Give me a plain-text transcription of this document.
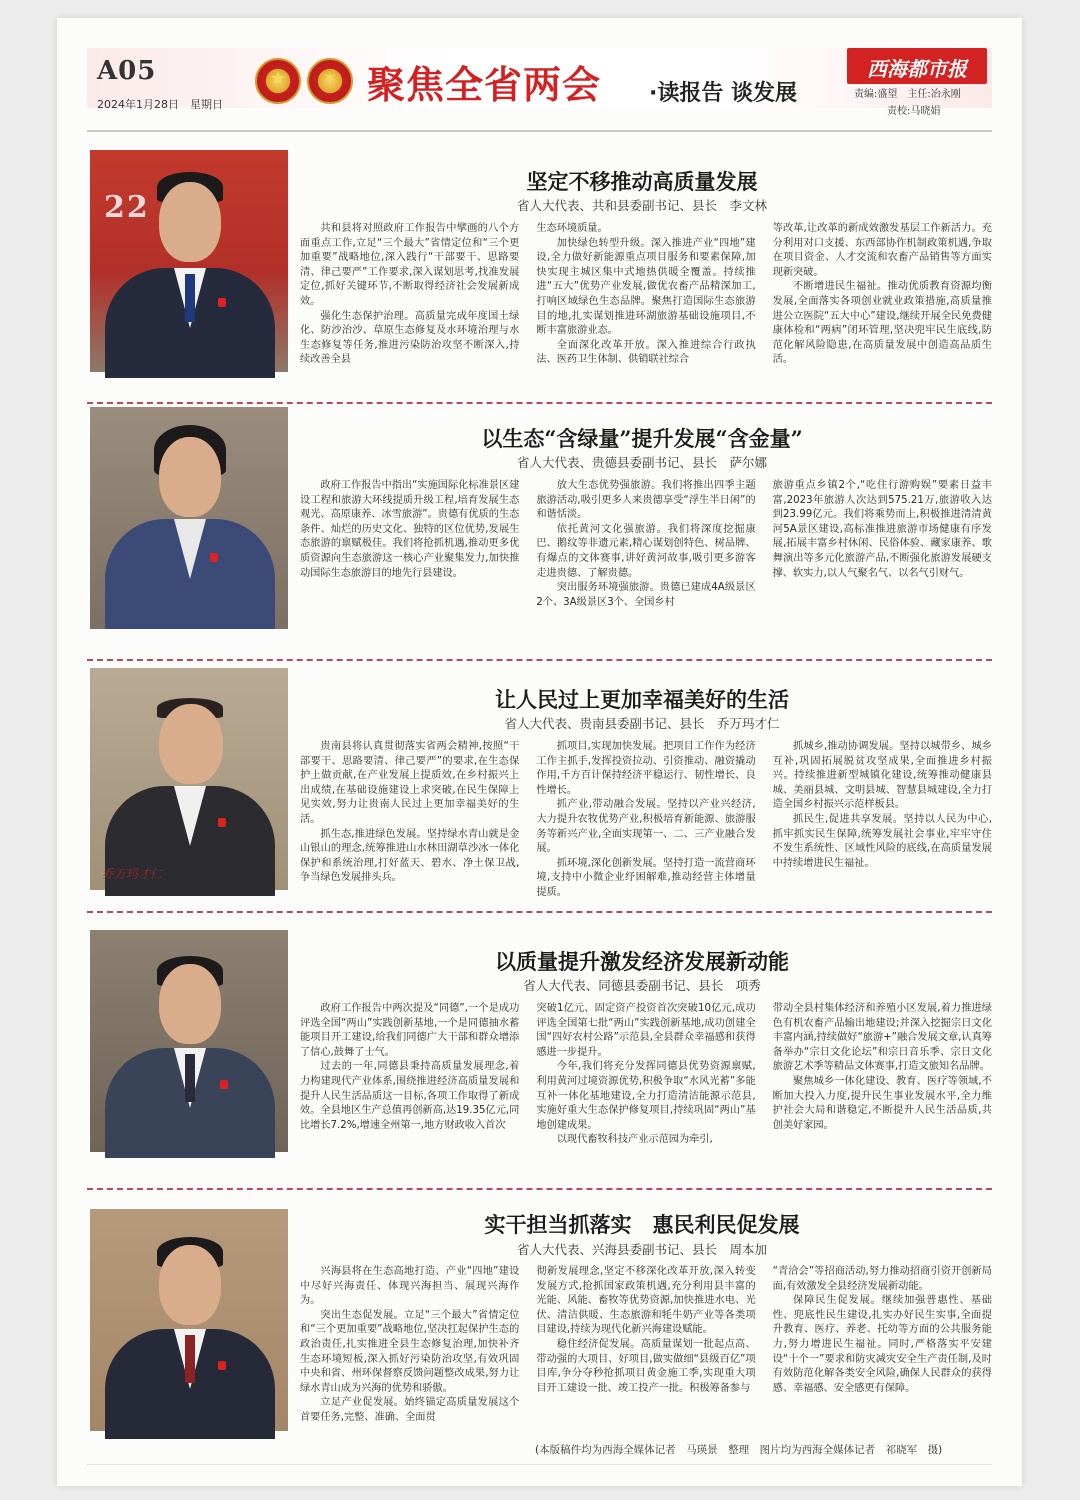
A05
2024年1月28日　星期日
★	✶ 聚焦全省两会 ·读报告 谈发展
西海都市报
责编:盛望　主任:冶永刚
责校:马晓娟
22
坚定不移推动高质量发展
省人大代表、共和县委副书记、县长　李文林

共和县将对照政府工作报告中擘画的八个方面重点工作,立足“三个最大”省情定位和“三个更加重要”战略地位,深入践行“干部要干、思路要清、律己要严”工作要求,深入谋划思考,找准发展定位,抓好关键环节,不断取得经济社会发展新成效。

强化生态保护治理。高质量完成年度国土绿化、防沙治沙、草原生态修复及水环境治理与水生态修复等任务,推进污染防治攻坚不断深入,持续改善全县

生态环境质量。

加快绿色转型升级。深入推进产业“四地”建设,全力做好新能源重点项目服务和要素保障,加快实现主城区集中式地热供暖全覆盖。持续推进“五大”优势产业发展,做优农畜产品精深加工,打响区域绿色生态品牌。聚焦打造国际生态旅游目的地,扎实谋划推进环湖旅游基础设施项目,不断丰富旅游业态。

全面深化改革开放。深入推进综合行政执法、医药卫生体制、供销联社综合

等改革,让改革的新成效激发基层工作新活力。充分利用对口支援、东西部协作机制政策机遇,争取在项目资金、人才交流和农畜产品销售等方面实现新突破。

不断增进民生福祉。推动优质教育资源均衡发展,全面落实各项创业就业政策措施,高质量推进公立医院“五大中心”建设,继续开展全民免费健康体检和“两病”闭环管理,坚决兜牢民生底线,防范化解风险隐患,在高质量发展中创造高品质生活。

以生态“含绿量”提升发展“含金量”
省人大代表、贵德县委副书记、县长　萨尔娜

政府工作报告中指出“实施国际化标准景区建设工程和旅游大环线提质升级工程,培育发展生态观光、高原康养、冰雪旅游”。贵德有优质的生态条件、灿烂的历史文化、独特的区位优势,发展生态旅游的禀赋极佳。我们将抢抓机遇,推动更多优质资源向生态旅游这一核心产业聚集发力,加快推动国际生态旅游目的地先行县建设。

放大生态优势强旅游。我们将推出四季主题旅游活动,吸引更多人来贵德享受“浮生半日闲”的和谐恬淡。

依托黄河文化强旅游。我们将深度挖掘康巴、鹅纹等非遗元素,精心谋划创特色、树品牌、有爆点的文体赛事,讲好黄河故事,吸引更多游客走进贵德、了解贵德。

突出服务环境强旅游。贵德已建成4A级景区2个、3A级景区3个、全国乡村

旅游重点乡镇2个,“吃住行游购娱”要素日益丰富,2023年旅游人次达到575.21万,旅游收入达到23.99亿元。我们将乘势而上,积极推进清清黄河5A景区建设,高标准推进旅游市场健康有序发展,拓展丰富乡村休闲、民俗体验、藏家康养、歌舞演出等多元化旅游产品,不断强化旅游发展硬支撑、软实力,以人气聚名气、以名气引财气。

乔万玛才仁
让人民过上更加幸福美好的生活
省人大代表、贵南县委副书记、县长　乔万玛才仁

贵南县将认真贯彻落实省两会精神,按照“干部要干、思路要清、律己要严”的要求,在生态保护上做贡献,在产业发展上提质效,在乡村振兴上出成绩,在基础设施建设上求突破,在民生保障上见实效,努力让贵南人民过上更加幸福美好的生活。

抓生态,推进绿色发展。坚持绿水青山就是金山银山的理念,统筹推进山水林田湖草沙冰一体化保护和系统治理,打好蓝天、碧水、净土保卫战,争当绿色发展排头兵。

抓项目,实现加快发展。把项目工作作为经济工作主抓手,发挥投资拉动、引资推动、融资撬动作用,千方百计保持经济平稳运行、韧性增长、良性增长。

抓产业,带动融合发展。坚持以产业兴经济,大力提升农牧优势产业,积极培育新能源、旅游服务等新兴产业,全面实现第一、二、三产业融合发展。

抓环境,深化创新发展。坚持打造一流营商环境,支持中小微企业纾困解难,推动经营主体增量提质。

抓城乡,推动协调发展。坚持以城带乡、城乡互补,巩固拓展脱贫攻坚成果,全面推进乡村振兴。持续推进新型城镇化建设,统筹推动健康县城、美丽县城、文明县城、智慧县城建设,全力打造全国乡村振兴示范样板县。

抓民生,促进共享发展。坚持以人民为中心,抓牢抓实民生保障,统筹发展社会事业,牢牢守住不发生系统性、区域性风险的底线,在高质量发展中持续增进民生福祉。

以质量提升激发经济发展新动能
省人大代表、同德县委副书记、县长　项秀

政府工作报告中两次提及“同德”,一个是成功评选全国“两山”实践创新基地,一个是同德抽水蓄能项目开工建设,给我们同德广大干部和群众增添了信心,鼓舞了士气。

过去的一年,同德县秉持高质量发展理念,着力构建现代产业体系,围绕推进经济高质量发展和提升人民生活品质这一目标,各项工作取得了新成效。全县地区生产总值再创新高,达19.35亿元,同比增长7.2%,增速全州第一,地方财政收入首次

突破1亿元、固定资产投资首次突破10亿元,成功评选全国第七批“两山”实践创新基地,成功创建全国“四好农村公路”示范县,全县群众幸福感和获得感进一步提升。

今年,我们将充分发挥同德县优势资源禀赋,利用黄河过境资源优势,积极争取“水风光蓄”多能互补一体化基地建设,全力打造清洁能源示范县,实施好重大生态保护修复项目,持续巩固“两山”基地创建成果。

以现代畜牧科技产业示范园为牵引,

带动全县村集体经济和养殖小区发展,着力推进绿色有机农畜产品输出地建设;并深入挖掘宗日文化丰富内涵,持续做好“旅游+”融合发展文章,认真筹备举办“宗日文化论坛”和宗日音乐季、宗日文化旅游艺术季等精品文体赛事,打造文旅知名品牌。

聚焦城乡一体化建设、教育、医疗等领域,不断加大投入力度,提升民生事业发展水平,全力维护社会大局和谐稳定,不断提升人民生活品质,共创美好家园。

实干担当抓落实　惠民利民促发展
省人大代表、兴海县委副书记、县长　周本加

兴海县将在生态高地打造、产业“四地”建设中尽好兴海责任、体现兴海担当、展现兴海作为。

突出生态促发展。立足“三个最大”省情定位和“三个更加重要”战略地位,坚决扛起保护生态的政治责任,扎实推进全县生态修复治理,加快补齐生态环境短板,深入抓好污染防治攻坚,有效巩固中央和省、州环保督察反馈问题整改成果,努力让绿水青山成为兴海的优势和骄傲。

立足产业促发展。始终锚定高质量发展这个首要任务,完整、准确、全面贯

彻新发展理念,坚定不移深化改革开放,深入转变发展方式,抢抓国家政策机遇,充分利用县丰富的光能、风能、畜牧等优势资源,加快推进水电、光伏、清洁供暖、生态旅游和牦牛奶产业等各类项目建设,持续为现代化新兴海建设赋能。

稳住经济促发展。高质量谋划一批起点高、带动强的大项目、好项目,做实做细“县级百亿”项目库,争分夺秒抢抓项目黄金施工季,实现重大项目开工建设一批、竣工投产一批。积极筹备参与

“青洽会”等招商活动,努力推动招商引资开创新局面,有效激发全县经济发展新动能。

保障民生促发展。继续加强普惠性、基础性、兜底性民生建设,扎实办好民生实事,全面提升教育、医疗、养老、托幼等方面的公共服务能力,努力增进民生福祉。同时,严格落实平安建设“十个一”要求和防灾减灾安全生产责任制,及时有效防范化解各类安全风险,确保人民群众的获得感、幸福感、安全感更有保障。

(本版稿件均为西海全媒体记者　马瑛景　整理　图片均为西海全媒体记者　祁晓军　摄)
